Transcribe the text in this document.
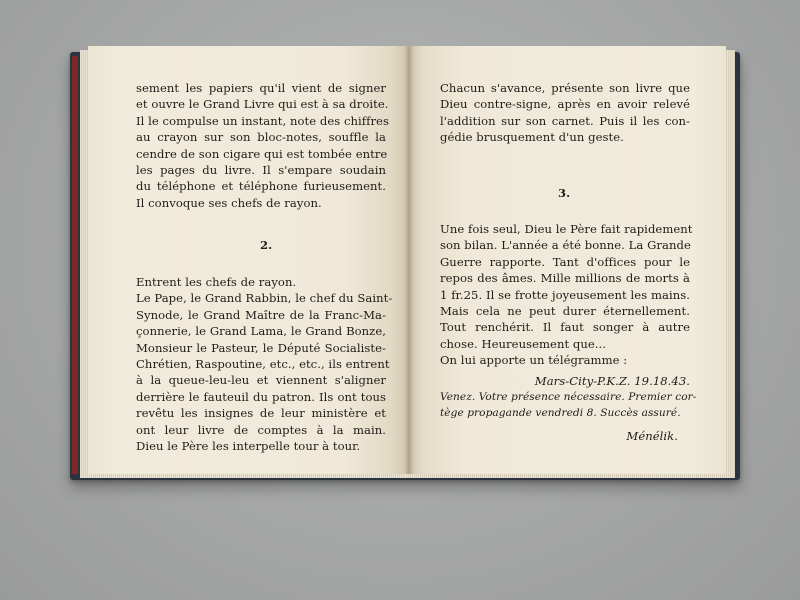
sement les papiers qu'il vient de signer
et ouvre le Grand Livre qui est à sa droite.
Il le compulse un instant, note des chiffres
au crayon sur son bloc-notes, souffle la
cendre de son cigare qui est tombée entre
les pages du livre. Il s'empare soudain
du téléphone et téléphone furieusement.
Il convoque ses chefs de rayon.
2.
Entrent les chefs de rayon.
Le Pape, le Grand Rabbin, le chef du Saint-
Synode, le Grand Maître de la Franc-Ma-
çonnerie, le Grand Lama, le Grand Bonze,
Monsieur le Pasteur, le Député Socialiste-
Chrétien, Raspoutine, etc., etc., ils entrent
à la queue-leu-leu et viennent s'aligner
derrière le fauteuil du patron. Ils ont tous
revêtu les insignes de leur ministère et
ont leur livre de comptes à la main.
Dieu le Père les interpelle tour à tour.
Chacun s'avance, présente son livre que
Dieu contre-signe, après en avoir relevé
l'addition sur son carnet. Puis il les con-
gédie brusquement d'un geste.
3.
Une fois seul, Dieu le Père fait rapidement
son bilan. L'année a été bonne. La Grande
Guerre rapporte. Tant d'offices pour le
repos des âmes. Mille millions de morts à
1 fr.25. Il se frotte joyeusement les mains.
Mais cela ne peut durer éternellement.
Tout renchérit. Il faut songer à autre
chose. Heureusement que...
On lui apporte un télégramme :
Mars-City-P.K.Z. 19.18.43.
Venez. Votre présence nécessaire. Premier cor-
tège propagande vendredi 8. Succès assuré.
Ménélik.
